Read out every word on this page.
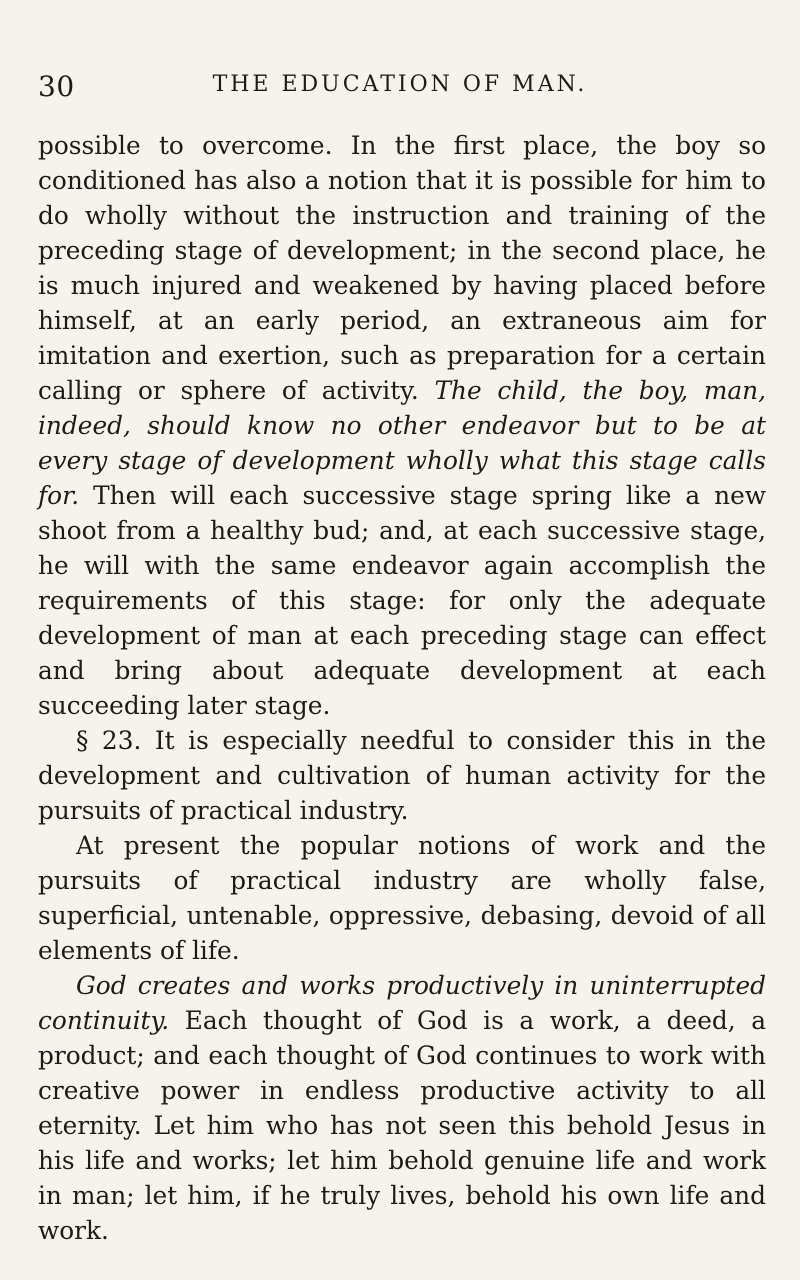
30	THE EDUCATION OF MAN.

possible to overcome. In the first place, the boy so conditioned has also a notion that it is possible for him to do wholly without the instruction and training of the preceding stage of development; in the second place, he is much injured and weakened by having placed before himself, at an early period, an extraneous aim for imitation and exertion, such as preparation for a certain calling or sphere of activity. The child, the boy, man, indeed, should know no other endeavor but to be at every stage of development wholly what this stage calls for. Then will each successive stage spring like a new shoot from a healthy bud; and, at each successive stage, he will with the same endeavor again accomplish the requirements of this stage: for only the adequate development of man at each preceding stage can effect and bring about adequate development at each succeeding later stage.

§ 23. It is especially needful to consider this in the development and cultivation of human activity for the pursuits of practical industry.

At present the popular notions of work and the pursuits of practical industry are wholly false, superficial, untenable, oppressive, debasing, devoid of all elements of life.

God creates and works productively in uninterrupted continuity. Each thought of God is a work, a deed, a product; and each thought of God continues to work with creative power in endless productive activity to all eternity. Let him who has not seen this behold Jesus in his life and works; let him behold genuine life and work in man; let him, if he truly lives, behold his own life and work.
